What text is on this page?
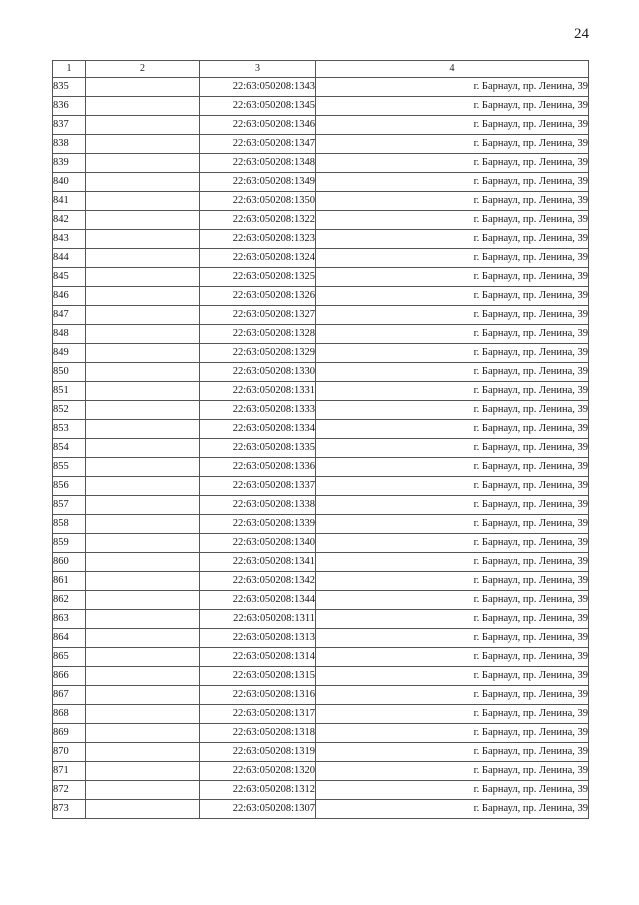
24
1	2	3	4
835		22:63:050208:1343	г. Барнаул, пр. Ленина, 39
836		22:63:050208:1345	г. Барнаул, пр. Ленина, 39
837		22:63:050208:1346	г. Барнаул, пр. Ленина, 39
838		22:63:050208:1347	г. Барнаул, пр. Ленина, 39
839		22:63:050208:1348	г. Барнаул, пр. Ленина, 39
840		22:63:050208:1349	г. Барнаул, пр. Ленина, 39
841		22:63:050208:1350	г. Барнаул, пр. Ленина, 39
842		22:63:050208:1322	г. Барнаул, пр. Ленина, 39
843		22:63:050208:1323	г. Барнаул, пр. Ленина, 39
844		22:63:050208:1324	г. Барнаул, пр. Ленина, 39
845		22:63:050208:1325	г. Барнаул, пр. Ленина, 39
846		22:63:050208:1326	г. Барнаул, пр. Ленина, 39
847		22:63:050208:1327	г. Барнаул, пр. Ленина, 39
848		22:63:050208:1328	г. Барнаул, пр. Ленина, 39
849		22:63:050208:1329	г. Барнаул, пр. Ленина, 39
850		22:63:050208:1330	г. Барнаул, пр. Ленина, 39
851		22:63:050208:1331	г. Барнаул, пр. Ленина, 39
852		22:63:050208:1333	г. Барнаул, пр. Ленина, 39
853		22:63:050208:1334	г. Барнаул, пр. Ленина, 39
854		22:63:050208:1335	г. Барнаул, пр. Ленина, 39
855		22:63:050208:1336	г. Барнаул, пр. Ленина, 39
856		22:63:050208:1337	г. Барнаул, пр. Ленина, 39
857		22:63:050208:1338	г. Барнаул, пр. Ленина, 39
858		22:63:050208:1339	г. Барнаул, пр. Ленина, 39
859		22:63:050208:1340	г. Барнаул, пр. Ленина, 39
860		22:63:050208:1341	г. Барнаул, пр. Ленина, 39
861		22:63:050208:1342	г. Барнаул, пр. Ленина, 39
862		22:63:050208:1344	г. Барнаул, пр. Ленина, 39
863		22:63:050208:1311	г. Барнаул, пр. Ленина, 39
864		22:63:050208:1313	г. Барнаул, пр. Ленина, 39
865		22:63:050208:1314	г. Барнаул, пр. Ленина, 39
866		22:63:050208:1315	г. Барнаул, пр. Ленина, 39
867		22:63:050208:1316	г. Барнаул, пр. Ленина, 39
868		22:63:050208:1317	г. Барнаул, пр. Ленина, 39
869		22:63:050208:1318	г. Барнаул, пр. Ленина, 39
870		22:63:050208:1319	г. Барнаул, пр. Ленина, 39
871		22:63:050208:1320	г. Барнаул, пр. Ленина, 39
872		22:63:050208:1312	г. Барнаул, пр. Ленина, 39
873		22:63:050208:1307	г. Барнаул, пр. Ленина, 39
